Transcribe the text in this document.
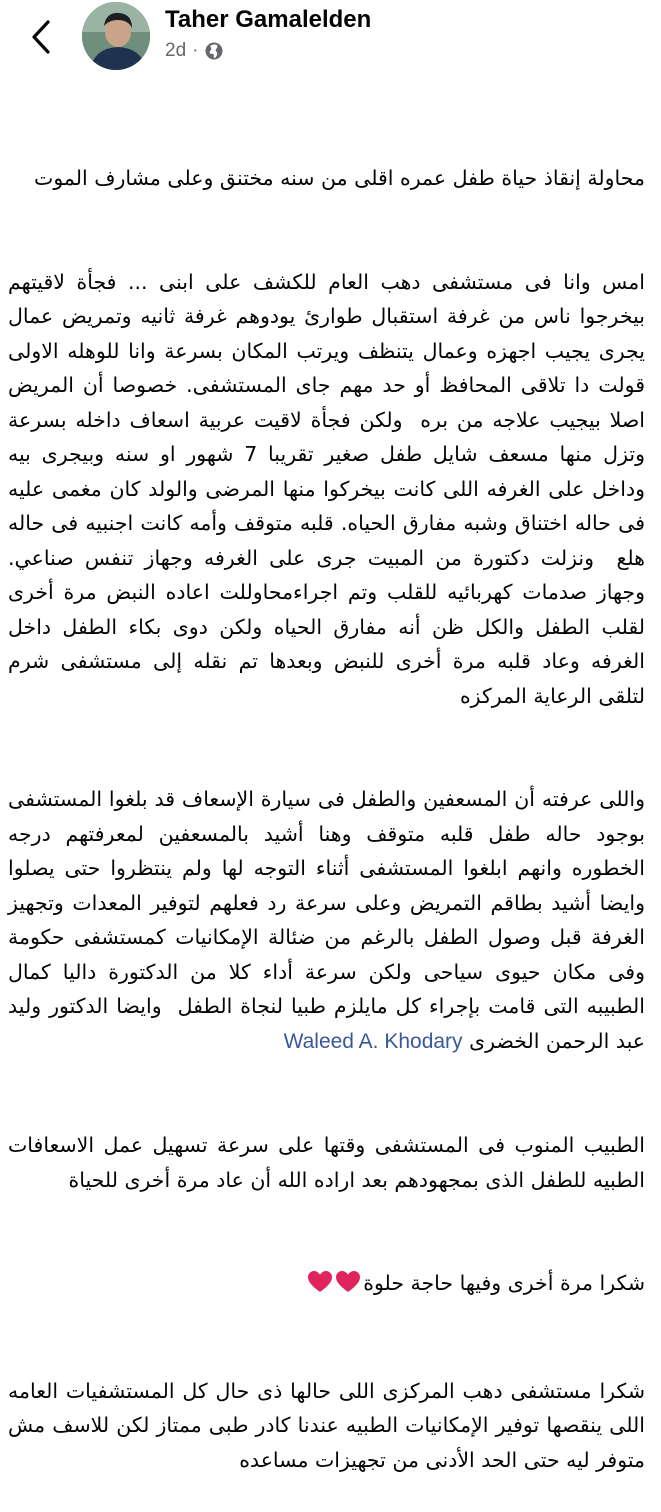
Taher Gamalelden
2d ·

محاولة إنقاذ حياة طفل عمره اقلى من سنه مختنق وعلى مشارف الموت

امس وانا فى مستشفى دهب العام للكشف على ابنى ... فجأة لاقيتهم بيخرجوا ناس من غرفة استقبال طوارئ يودوهم غرفة ثانيه وتمريض عمال يجرى يجيب اجهزه وعمال يتنظف ويرتب المكان بسرعة وانا للوهله الاولى قولت دا تلاقى المحافظ أو حد مهم جاى المستشفى. خصوصا أن المريض اصلا بيجيب علاجه من بره  ولكن فجأة لاقيت عربية اسعاف داخله بسرعة وتزل منها مسعف شايل طفل صغير تقريبا 7 شهور او سنه وبيجرى بيه وداخل على الغرفه اللى كانت بيخركوا منها المرضى والولد كان مغمى عليه فى حاله اختناق وشبه مفارق الحياه. قلبه متوقف وأمه كانت اجنبيه فى حاله هلع  ونزلت دكتورة من المبيت جرى على الغرفه وجهاز تنفس صناعي. وجهاز صدمات كهربائيه للقلب وتم اجراءمحاوللت اعاده النبض مرة أخرى لقلب الطفل والكل ظن أنه مفارق الحياه ولكن دوى بكاء الطفل داخل الغرفه وعاد قلبه مرة أخرى للنبض وبعدها تم نقله إلى مستشفى شرم لتلقى الرعاية المركزه

واللى عرفته أن المسعفين والطفل فى سيارة الإسعاف قد بلغوا المستشفى بوجود حاله طفل قلبه متوقف وهنا أشيد بالمسعفين لمعرفتهم درجه الخطوره وانهم ابلغوا المستشفى أثناء التوجه لها ولم ينتظروا حتى يصلوا وايضا أشيد بطاقم التمريض وعلى سرعة رد فعلهم لتوفير المعدات وتجهيز الغرفة قبل وصول الطفل بالرغم من ضئالة الإمكانيات كمستشفى حكومة وفى مكان حيوى سياحى ولكن سرعة أداء كلا من الدكتورة داليا كمال الطبيبه التى قامت بإجراء كل مايلزم طبيا لنجاة الطفل  وايضا الدكتور وليد عبد الرحمن الخضرى Waleed A. Khodary

الطبيب المنوب فى المستشفى وقتها على سرعة تسهيل عمل الاسعافات الطبيه للطفل الذى بمجهودهم بعد اراده الله أن عاد مرة أخرى للحياة

شكرا مرة أخرى وفيها حاجة حلوة

شكرا مستشفى دهب المركزى اللى حالها ذى حال كل المستشفيات العامه اللى ينقصها توفير الإمكانيات الطبيه عندنا كادر طبى ممتاز لكن للاسف مش متوفر ليه حتى الحد الأدنى من تجهيزات مساعده
